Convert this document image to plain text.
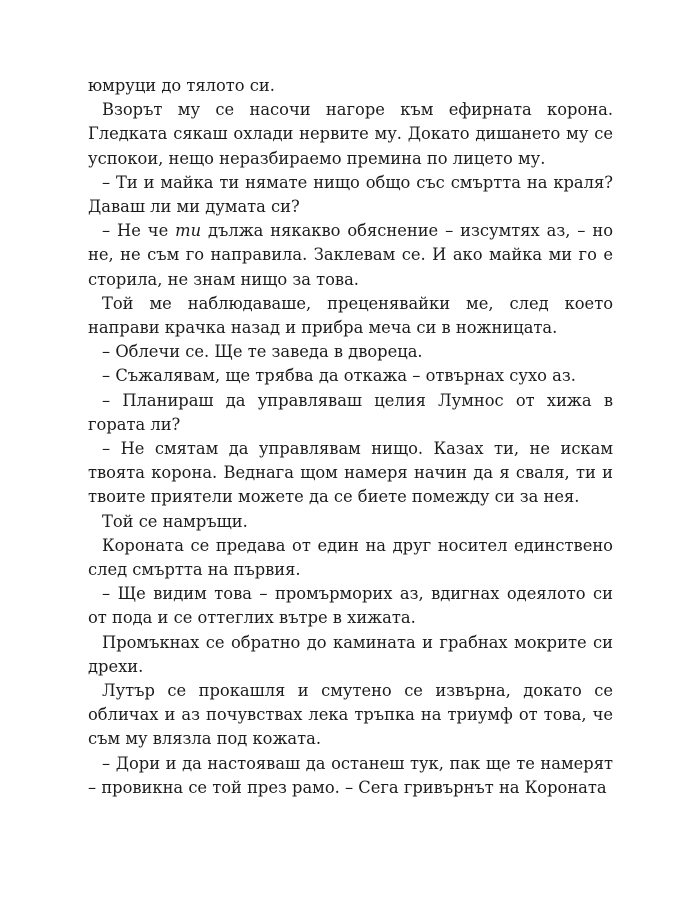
юмруци до тялото си.

Взорът му се насочи нагоре към ефирната корона. Гледката сякаш охлади нервите му. Докато дишането му се успокои, нещо неразбираемо премина по лицето му.

– Ти и майка ти нямате нищо общо със смъртта на краля? Даваш ли ми думата си?

– Не че ти дължа някакво обяснение – изсумтях аз, – но не, не съм го направила. Заклевам се. И ако майка ми го е сторила, не знам нищо за това.

Той ме наблюдаваше, преценявайки ме, след което направи крачка назад и прибра меча си в ножницата.

– Облечи се. Ще те заведа в двореца.

– Съжалявам, ще трябва да откажа – отвърнах сухо аз.

– Планираш да управляваш целия Лумнос от хижа в гората ли?

– Не смятам да управлявам нищо. Казах ти, не искам твоята корона. Веднага щом намеря начин да я сваля, ти и твоите приятели можете да се биете помежду си за нея.

Той се намръщи.

Короната се предава от един на друг носител единствено след смъртта на първия.

– Ще видим това – промърморих аз, вдигнах одеялото си от пода и се оттеглих вътре в хижата.

Промъкнах се обратно до камината и грабнах мокрите си дрехи.

Лутър се прокашля и смутено се извърна, докато се обличах и аз почувствах лека тръпка на триумф от това, че съм му влязла под кожата.

– Дори и да настояваш да останеш тук, пак ще те намерят – провикна се той през рамо. – Сега гривърнът на Короната
